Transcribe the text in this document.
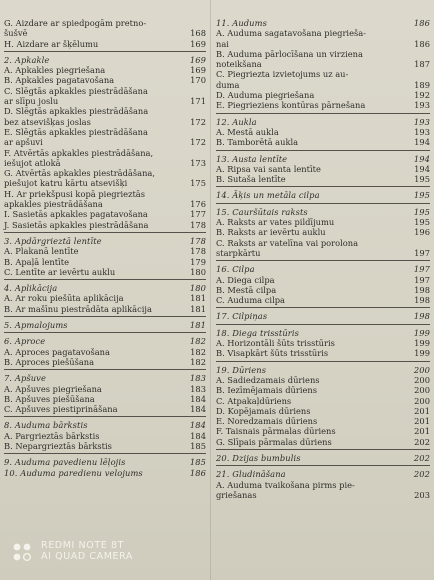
G. Aizdare ar spiedpogām pretno-
šušvē	168
H. Aizdare ar šķēlumu	169
2. Apkakle	169
A. Apkakles piegriešana	169
B. Apkakles pagatavošana	170
C. Slēgtās apkakles piestrādāšana
ar slīpu joslu	171
D. Slēgtās apkakles piestrādāšana
bez atsevišķas joslas	172
E. Slēgtās apkakles piestrādāšana
ar apšuvi	172
F. Atvērtās apkakles piestrādāšana,
iešujot atlokā	173
G. Atvērtās apkakles piestrādāšana,
piešujot katru kārtu atsevišķi	175
H. Ar priekšpusi kopā piegrieztās
apkakles piestrādāšana	176
I. Sasietās apkakles pagatavošana	177
J. Sasietās apkakles piestrādāšana	178
3. Apdārgrieztā lentīte	178
A. Plakanā lentīte	178
B. Apaļā lentīte	179
C. Lentīte ar ievērtu auklu	180
4. Aplikācija	180
A. Ar roku piešūta aplikācija	181
B. Ar mašīnu piestrādāta aplikācija	181
5. Apmalojums	181
6. Aproce	182
A. Aproces pagatavošana	182
B. Aproces piešūšana	182
7. Apšuve	183
A. Apšuves piegriešana	183
B. Apšuves piešūšana	184
C. Apšuves piestiprināšana	184
8. Auduma bārkstis	184
A. Pargrieztās bārkstis	184
B. Nepargrieztās bārkstis	185
9. Auduma pavedienu lēļojis	185
10. Auduma paredienu velojums	186
11. Audums	186
A. Auduma sagatavošana piegrieša-
nai	186
B. Auduma pārlocīšana un virziena
noteikšana	187
C. Piegriezta izvietojums uz au-
duma	189
D. Auduma piegriešana	192
E. Piegrieziens kontūras pārnešana	193
12. Aukla	193
A. Mestā aukla	193
B. Tamborētā aukla	194
13. Austa lentīte	194
A. Ripsa vai santa lentīte	194
B. Sutaša lentīte	195
14. Āķis un metāla cilpa	195
15. Cauršūtais raksts	195
A. Raksts ar vates pildījumu	195
B. Raksts ar ievērtu auklu	196
C. Raksts ar vatelīna vai porolona
starpkārtu	197
16. Cilpa	197
A. Diega cilpa	197
B. Mestā cilpa	198
C. Auduma cilpa	198
17. Cilpiņas	198
18. Diega trisstūris	199
A. Horizontāli šūts trisstūris	199
B. Visapkārt šūts trisstūris	199
19. Dūriens	200
A. Sadiedzamais dūriens	200
B. Iezīmējamais dūriens	200
C. Atpakaļdūriens	200
D. Kopējamais dūriens	201
E. Noredzamais dūriens	201
F. Taisnais pārmalas dūriens	201
G. Slīpais pārmalas dūriens	202
20. Dzijas bumbulis	202
21. Gludināšana	202
A. Auduma tvaikošana pirms pie-
griešanas	203
REDMI NOTE 8T
AI QUAD CAMERA
